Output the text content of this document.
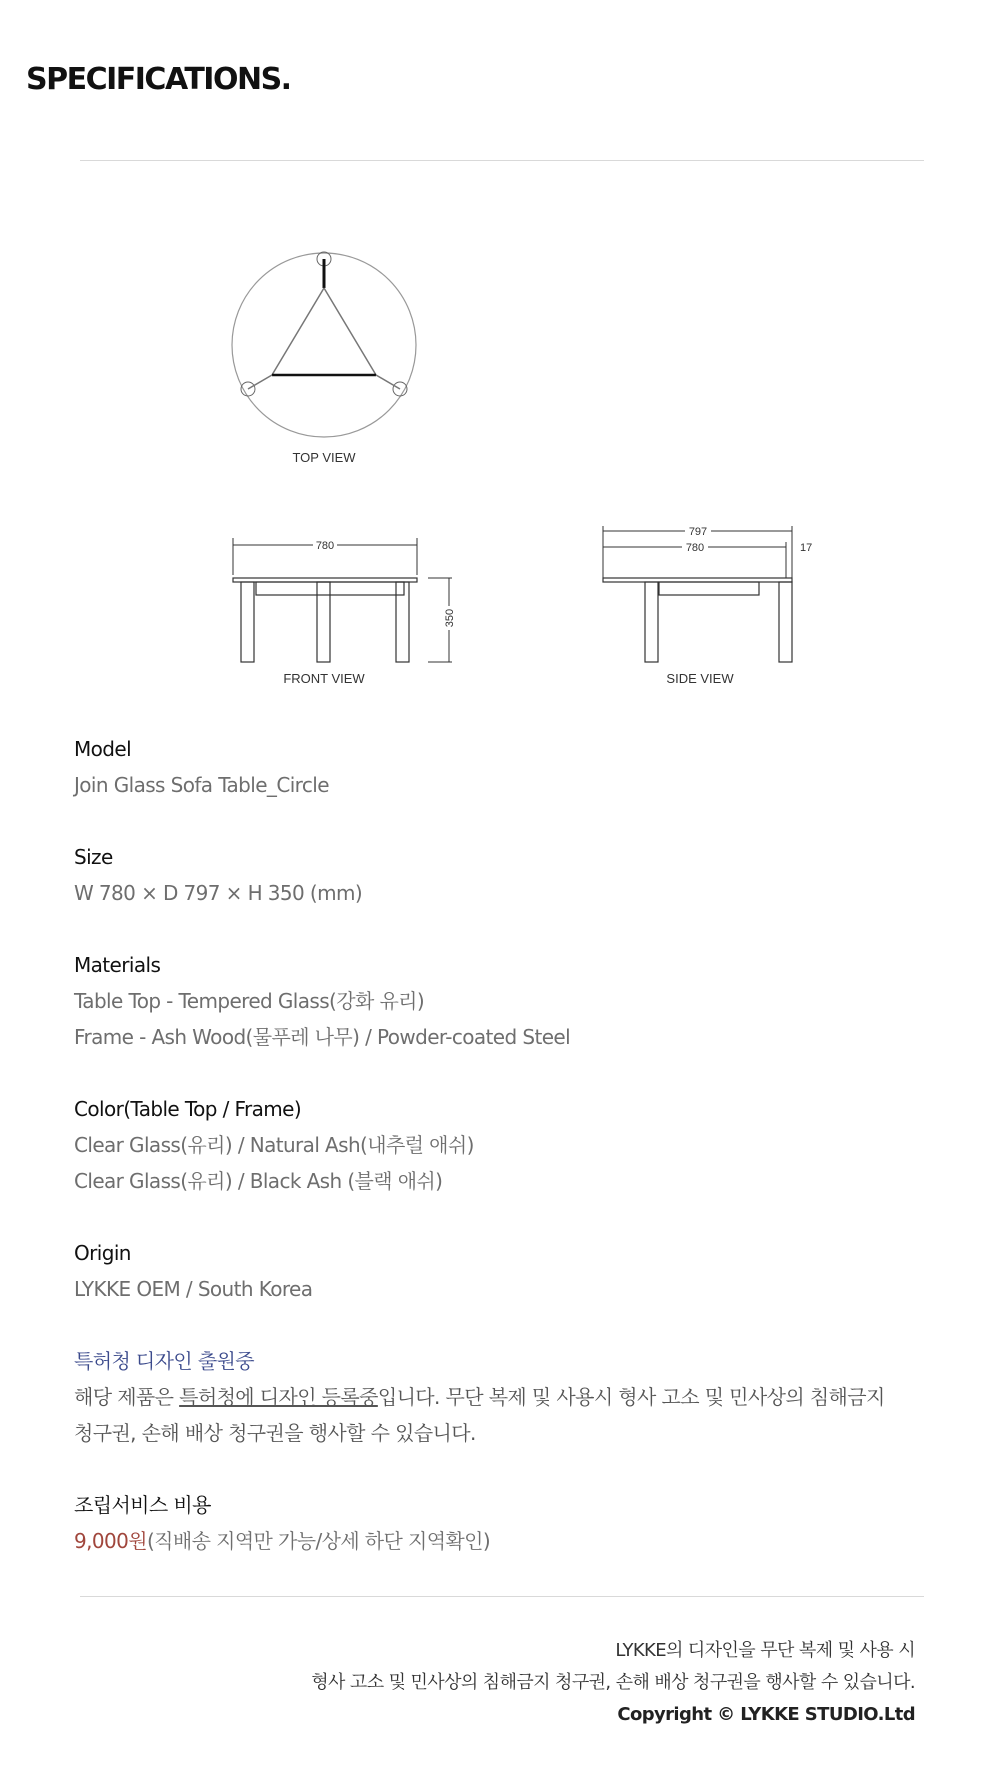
SPECIFICATIONS.
TOP VIEW
780
350
FRONT VIEW
797
780	17
SIDE VIEW

Model

Join Glass Sofa Table_Circle

Size

W 780 × D 797 × H 350 (mm)

Materials

Table Top - Tempered Glass(강화 유리)

Frame - Ash Wood(물푸레 나무) / Powder-coated Steel

Color(Table Top / Frame)

Clear Glass(유리) / Natural Ash(내추럴 애쉬)

Clear Glass(유리) / Black Ash (블랙 애쉬)

Origin

LYKKE OEM / South Korea

특허청 디자인 출원중

해당 제품은 특허청에 디자인 등록중입니다. 무단 복제 및 사용시 형사 고소 및 민사상의 침해금지

청구권, 손해 배상 청구권을 행사할 수 있습니다.

조립서비스 비용

9,000원(직배송 지역만 가능/상세 하단 지역확인)

LYKKE의 디자인을 무단 복제 및 사용 시

형사 고소 및 민사상의 침해금지 청구권, 손해 배상 청구권을 행사할 수 있습니다.

Copyright © LYKKE STUDIO.Ltd
